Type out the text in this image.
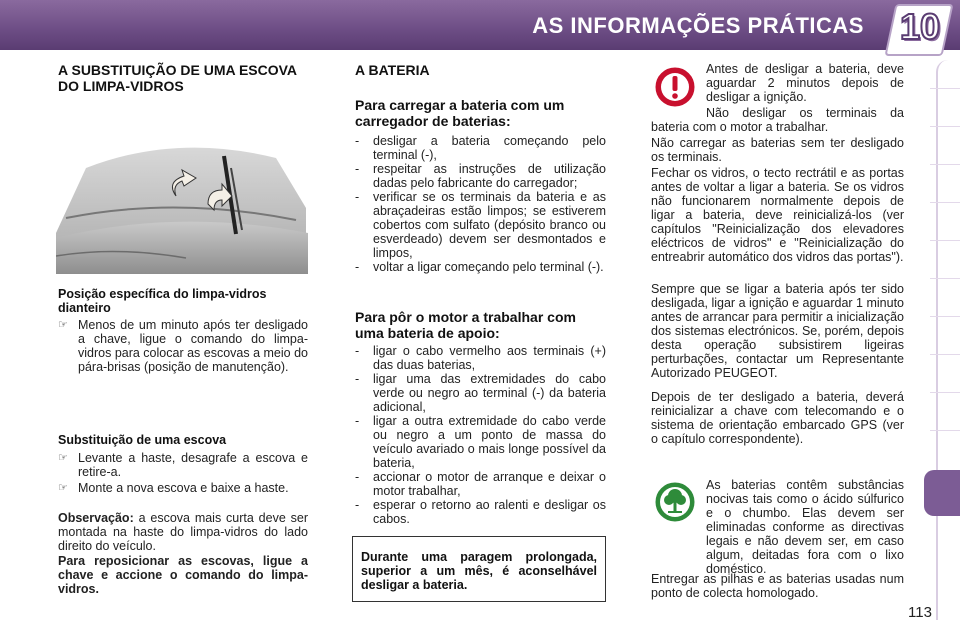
AS INFORMAÇÕES PRÁTICAS 10
A SUBSTITUIÇÃO DE UMA ESCOVA DO LIMPA-VIDROS
Posição específica do limpa-vidros dianteiro
☞ Menos de um minuto após ter desligado a chave, ligue o comando do limpa-vidros para colocar as escovas a meio do pára-brisas (posição de manutenção).
Substituição de uma escova
☞ Levante a haste, desagrafe a escova e retire-a.
☞ Monte a nova escova e baixe a haste.
Observação: a escova mais curta deve ser montada na haste do limpa-vidros do lado direito do veículo.
Para reposicionar as escovas, ligue a chave e accione o comando do limpa-vidros.
A BATERIA
Para carregar a bateria com um carregador de baterias:
- desligar a bateria começando pelo terminal (-),
- respeitar as instruções de utilização dadas pelo fabricante do carregador;
- verificar se os terminais da bateria e as abraçadeiras estão limpos; se estiverem cobertos com sulfato (depósito branco ou esverdeado) devem ser desmontados e limpos,
- voltar a ligar começando pelo terminal (-).
Para pôr o motor a trabalhar com uma bateria de apoio:
- ligar o cabo vermelho aos terminais (+) das duas baterias,
- ligar uma das extremidades do cabo verde ou negro ao terminal (-) da bateria adicional,
- ligar a outra extremidade do cabo verde ou negro a um ponto de massa do veículo avariado o mais longe possível da bateria,
- accionar o motor de arranque e deixar o motor trabalhar,
- esperar o retorno ao ralenti e desligar os cabos.
Durante uma paragem prolongada, superior a um mês, é aconselhável desligar a bateria.
Antes de desligar a bateria, deve aguardar 2 minutos depois de desligar a ignição.
Não desligar os terminais da bateria com o motor a trabalhar.
Não carregar as baterias sem ter desligado os terminais.
Fechar os vidros, o tecto rectrátil e as portas antes de voltar a ligar a bateria. Se os vidros não funcionarem normalmente depois de ligar a bateria, deve reinicializá-los (ver capítulos "Reinicialização dos elevadores eléctricos de vidros" e "Reinicialização do entreabrir automático dos vidros das portas").
Sempre que se ligar a bateria após ter sido desligada, ligar a ignição e aguardar 1 minuto antes de arrancar para permitir a inicialização dos sistemas electrónicos. Se, porém, depois desta operação subsistirem ligeiras perturbações, contactar um Representante Autorizado PEUGEOT.
Depois de ter desligado a bateria, deverá reinicializar a chave com telecomando e o sistema de orientação embarcado GPS (ver o capítulo correspondente).
As baterias contêm substâncias nocivas tais como o ácido súlfurico e o chumbo. Elas devem ser eliminadas conforme as directivas legais e não devem ser, em caso algum, deitadas fora com o lixo doméstico.
Entregar as pilhas e as baterias usadas num ponto de colecta homologado.
113
